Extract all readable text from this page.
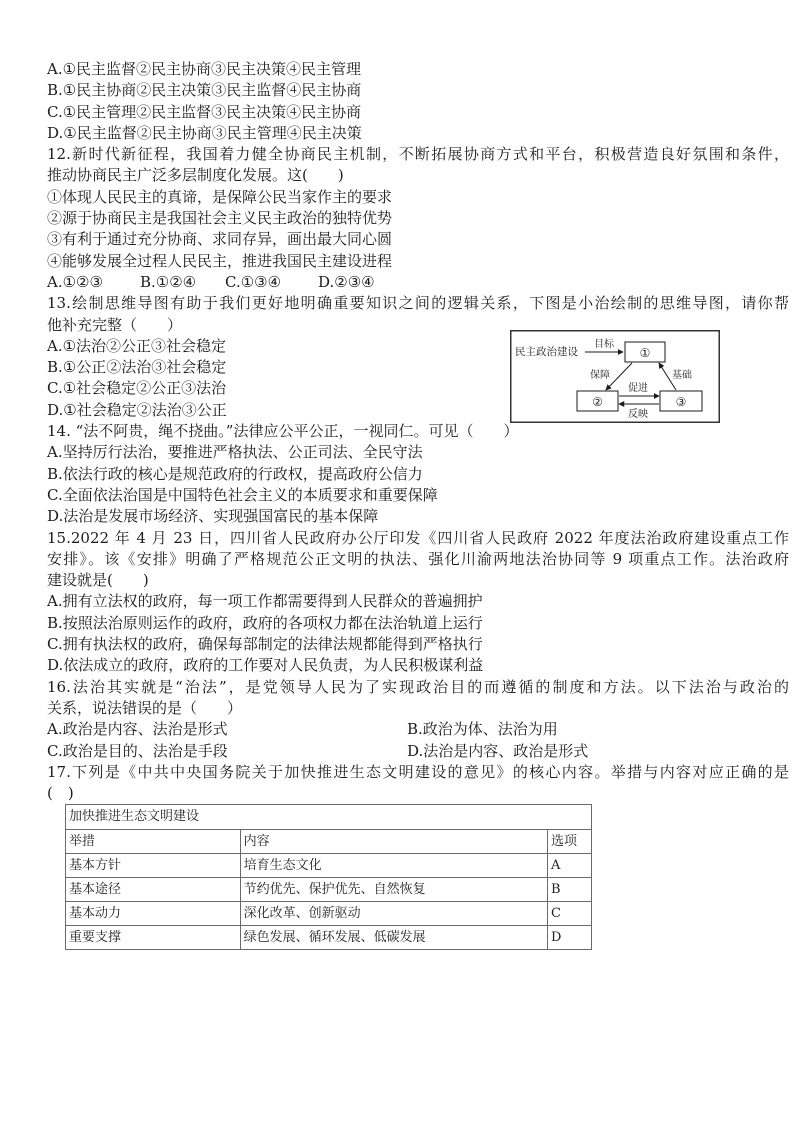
A.①民主监督②民主协商③民主决策④民主管理
B.①民主协商②民主决策③民主监督④民主协商
C.①民主管理②民主监督③民主决策④民主协商
D.①民主监督②民主协商③民主管理④民主决策
12.新时代新征程，我国着力健全协商民主机制，不断拓展协商方式和平台，积极营造良好氛围和条件，
推动协商民主广泛多层制度化发展。这(　　)
①体现人民民主的真谛，是保障公民当家作主的要求
②源于协商民主是我国社会主义民主政治的独特优势
③有利于通过充分协商、求同存异，画出最大同心圆
④能够发展全过程人民民主，推进我国民主建设进程
A.①②③ B.①②④ C.①③④ D.②③④
13.绘制思维导图有助于我们更好地明确重要知识之间的逻辑关系，下图是小治绘制的思维导图，请你帮
他补充完整（　　）
A.①法治②公正③社会稳定
B.①公正②法治③社会稳定
C.①社会稳定②公正③法治
D.①社会稳定②法治③公正
14. “法不阿贵，绳不挠曲。”法律应公平公正，一视同仁。可见（　　）
A.坚持厉行法治，要推进严格执法、公正司法、全民守法
B.依法行政的核心是规范政府的行政权，提高政府公信力
C.全面依法治国是中国特色社会主义的本质要求和重要保障
D.法治是发展市场经济、实现强国富民的基本保障
15.2022 年 4 月 23 日，四川省人民政府办公厅印发《四川省人民政府 2022 年度法治政府建设重点工作
安排》。该《安排》明确了严格规范公正文明的执法、强化川渝两地法治协同等 9 项重点工作。法治政府
建设就是(　　)
A.拥有立法权的政府，每一项工作都需要得到人民群众的普遍拥护
B.按照法治原则运作的政府，政府的各项权力都在法治轨道上运行
C.拥有执法权的政府，确保每部制定的法律法规都能得到严格执行
D.依法成立的政府，政府的工作要对人民负责，为人民积极谋利益
16.法治其实就是“治法”，是党领导人民为了实现政治目的而遵循的制度和方法。以下法治与政治的
关系，说法错误的是（　　）
A.政治是内容、法治是形式	B.政治为体、法治为用
C.政治是目的、法治是手段	D.法治是内容、政治是形式
17.下列是《中共中央国务院关于加快推进生态文明建设的意见》的核心内容。举措与内容对应正确的是
(　)
加快推进生态文明建设		
举措	内容	选项
基本方针	培育生态文化	A
基本途径	节约优先、保护优先、自然恢复	B
基本动力	深化改革、创新驱动	C
重要支撑	绿色发展、循环发展、低碳发展	D
民主政治建设
目标
①
②	③
保障	基础
促进
反映
